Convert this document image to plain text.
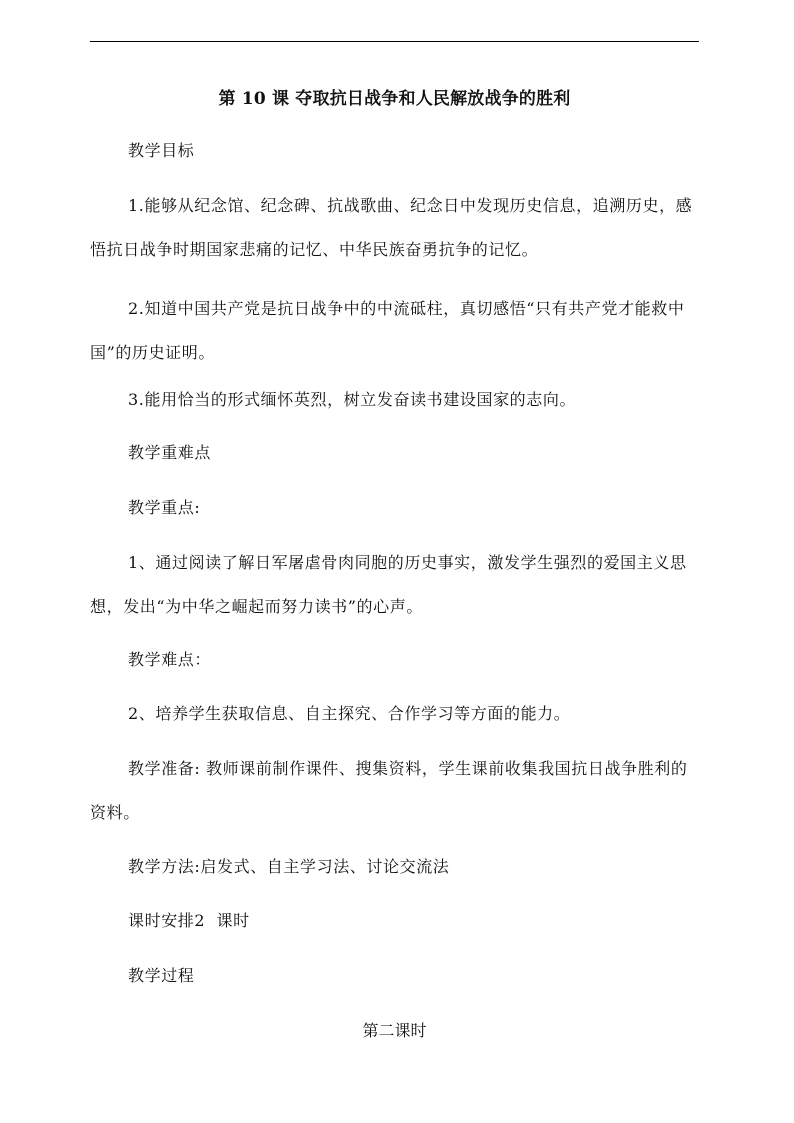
第 10 课 夺取抗日战争和人民解放战争的胜利

教学目标

1.能够从纪念馆、纪念碑、抗战歌曲、纪念日中发现历史信息，追溯历史，感悟抗日战争时期国家悲痛的记忆、中华民族奋勇抗争的记忆。

2.知道中国共产党是抗日战争中的中流砥柱，真切感悟“只有共产党才能救中国”的历史证明。

3.能用恰当的形式缅怀英烈，树立发奋读书建设国家的志向。

教学重难点

教学重点:

1、通过阅读了解日军屠虐骨肉同胞的历史事实，激发学生强烈的爱国主义思想，发出“为中华之崛起而努力读书”的心声。

教学难点：

2、培养学生获取信息、自主探究、合作学习等方面的能力。

教学准备: 教师课前制作课件、搜集资料，学生课前收集我国抗日战争胜利的资料。

教学方法:启发式、自主学习法、讨论交流法

课时安排2  课时

教学过程

第二课时
